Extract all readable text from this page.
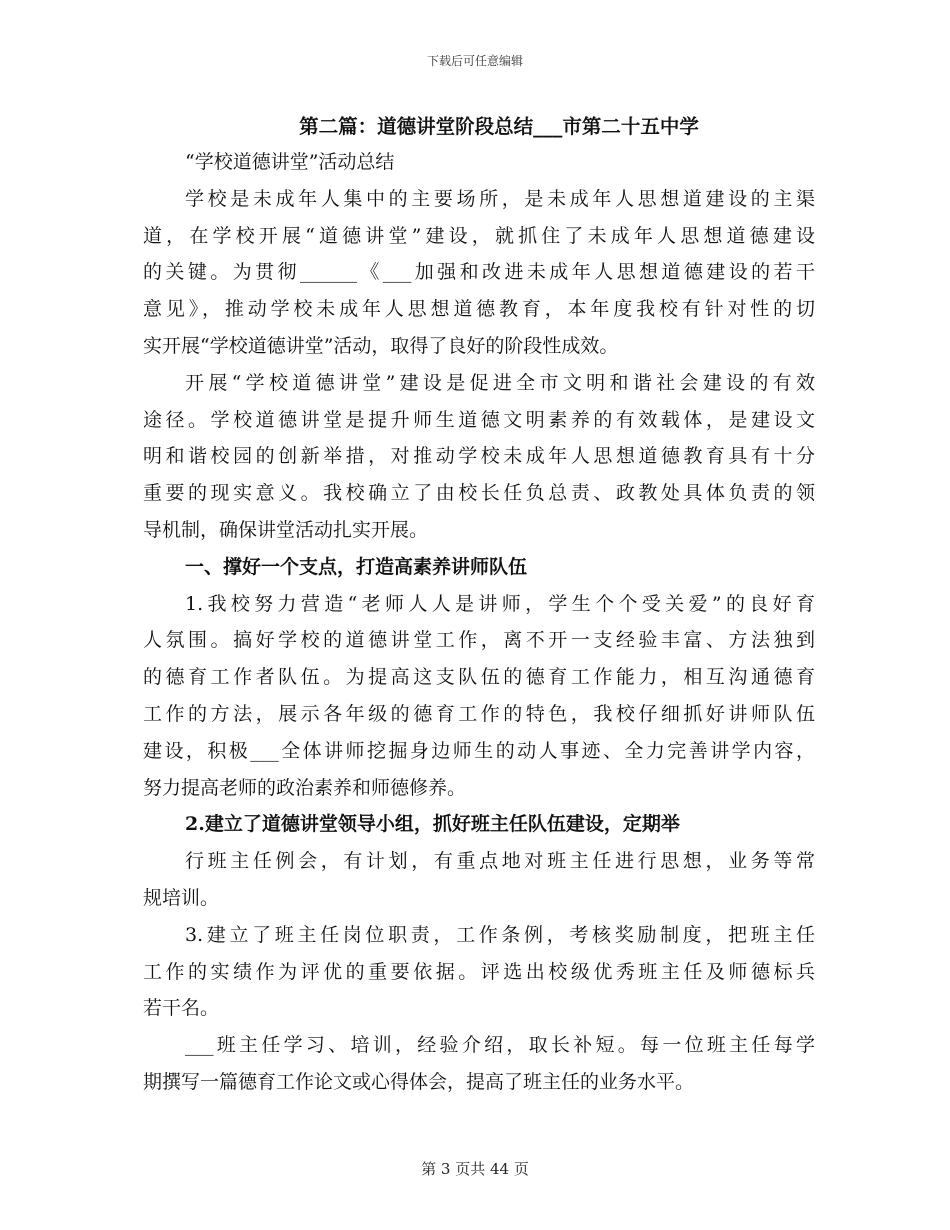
下载后可任意编辑
第二篇：道德讲堂阶段总结___市第二十五中学
“学校道德讲堂”活动总结
学校是未成年人集中的主要场所，是未成年人思想道建设的主渠
道，在学校开展“道德讲堂”建设，就抓住了未成年人思想道德建设
的关键。为贯彻______《___加强和改进未成年人思想道德建设的若干
意见》，推动学校未成年人思想道德教育，本年度我校有针对性的切
实开展“学校道德讲堂”活动，取得了良好的阶段性成效。
开展“学校道德讲堂”建设是促进全市文明和谐社会建设的有效
途径。学校道德讲堂是提升师生道德文明素养的有效载体，是建设文
明和谐校园的创新举措，对推动学校未成年人思想道德教育具有十分
重要的现实意义。我校确立了由校长任负总责、政教处具体负责的领
导机制，确保讲堂活动扎实开展。
一、撑好一个支点，打造高素养讲师队伍
1.我校努力营造“老师人人是讲师，学生个个受关爱”的良好育
人氛围。搞好学校的道德讲堂工作，离不开一支经验丰富、方法独到
的德育工作者队伍。为提高这支队伍的德育工作能力，相互沟通德育
工作的方法，展示各年级的德育工作的特色，我校仔细抓好讲师队伍
建设，积极___全体讲师挖掘身边师生的动人事迹、全力完善讲学内容，
努力提高老师的政治素养和师德修养。
2.建立了道德讲堂领导小组，抓好班主任队伍建设，定期举
行班主任例会，有计划，有重点地对班主任进行思想，业务等常
规培训。
3.建立了班主任岗位职责，工作条例，考核奖励制度，把班主任
工作的实绩作为评优的重要依据。评选出校级优秀班主任及师德标兵
若干名。
___班主任学习、培训，经验介绍，取长补短。每一位班主任每学
期撰写一篇德育工作论文或心得体会，提高了班主任的业务水平。
第 3 页共 44 页
